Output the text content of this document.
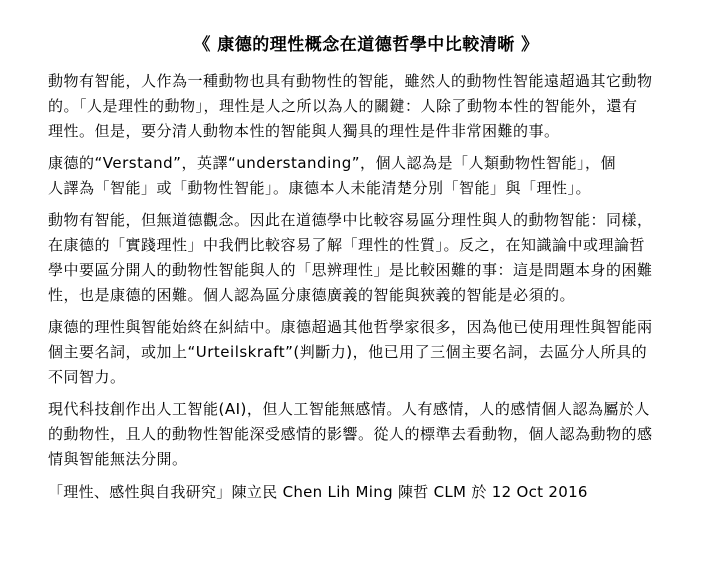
《 康德的理性概念在道德哲學中比較清晰 》
動物有智能，人作為一種動物也具有動物性的智能，雖然人的動物性智能遠超過其它動物
的。「人是理性的動物」，理性是人之所以為人的關鍵：人除了動物本性的智能外，還有
理性。但是，要分清人動物本性的智能與人獨具的理性是件非常困難的事。
康德的“Verstand”，英譯“understanding”，個人認為是「人類動物性智能」，個
人譯為「智能」或「動物性智能」。康德本人未能清楚分別「智能」與「理性」。
動物有智能，但無道德觀念。因此在道德學中比較容易區分理性與人的動物智能：同樣，
在康德的「實踐理性」中我們比較容易了解「理性的性質」。反之，在知識論中或理論哲
學中要區分開人的動物性智能與人的「思辨理性」是比較困難的事：這是問題本身的困難
性，也是康德的困難。個人認為區分康德廣義的智能與狹義的智能是必須的。
康德的理性與智能始終在糾結中。康德超過其他哲學家很多，因為他已使用理性與智能兩
個主要名詞，或加上“Urteilskraft”(判斷力)，他已用了三個主要名詞，去區分人所具的
不同智力。
現代科技創作出人工智能(AI)，但人工智能無感情。人有感情，人的感情個人認為屬於人
的動物性，且人的動物性智能深受感情的影響。從人的標準去看動物，個人認為動物的感
情與智能無法分開。
「理性、感性與自我研究」陳立民 Chen Lih Ming 陳哲 CLM 於 12 Oct 2016
